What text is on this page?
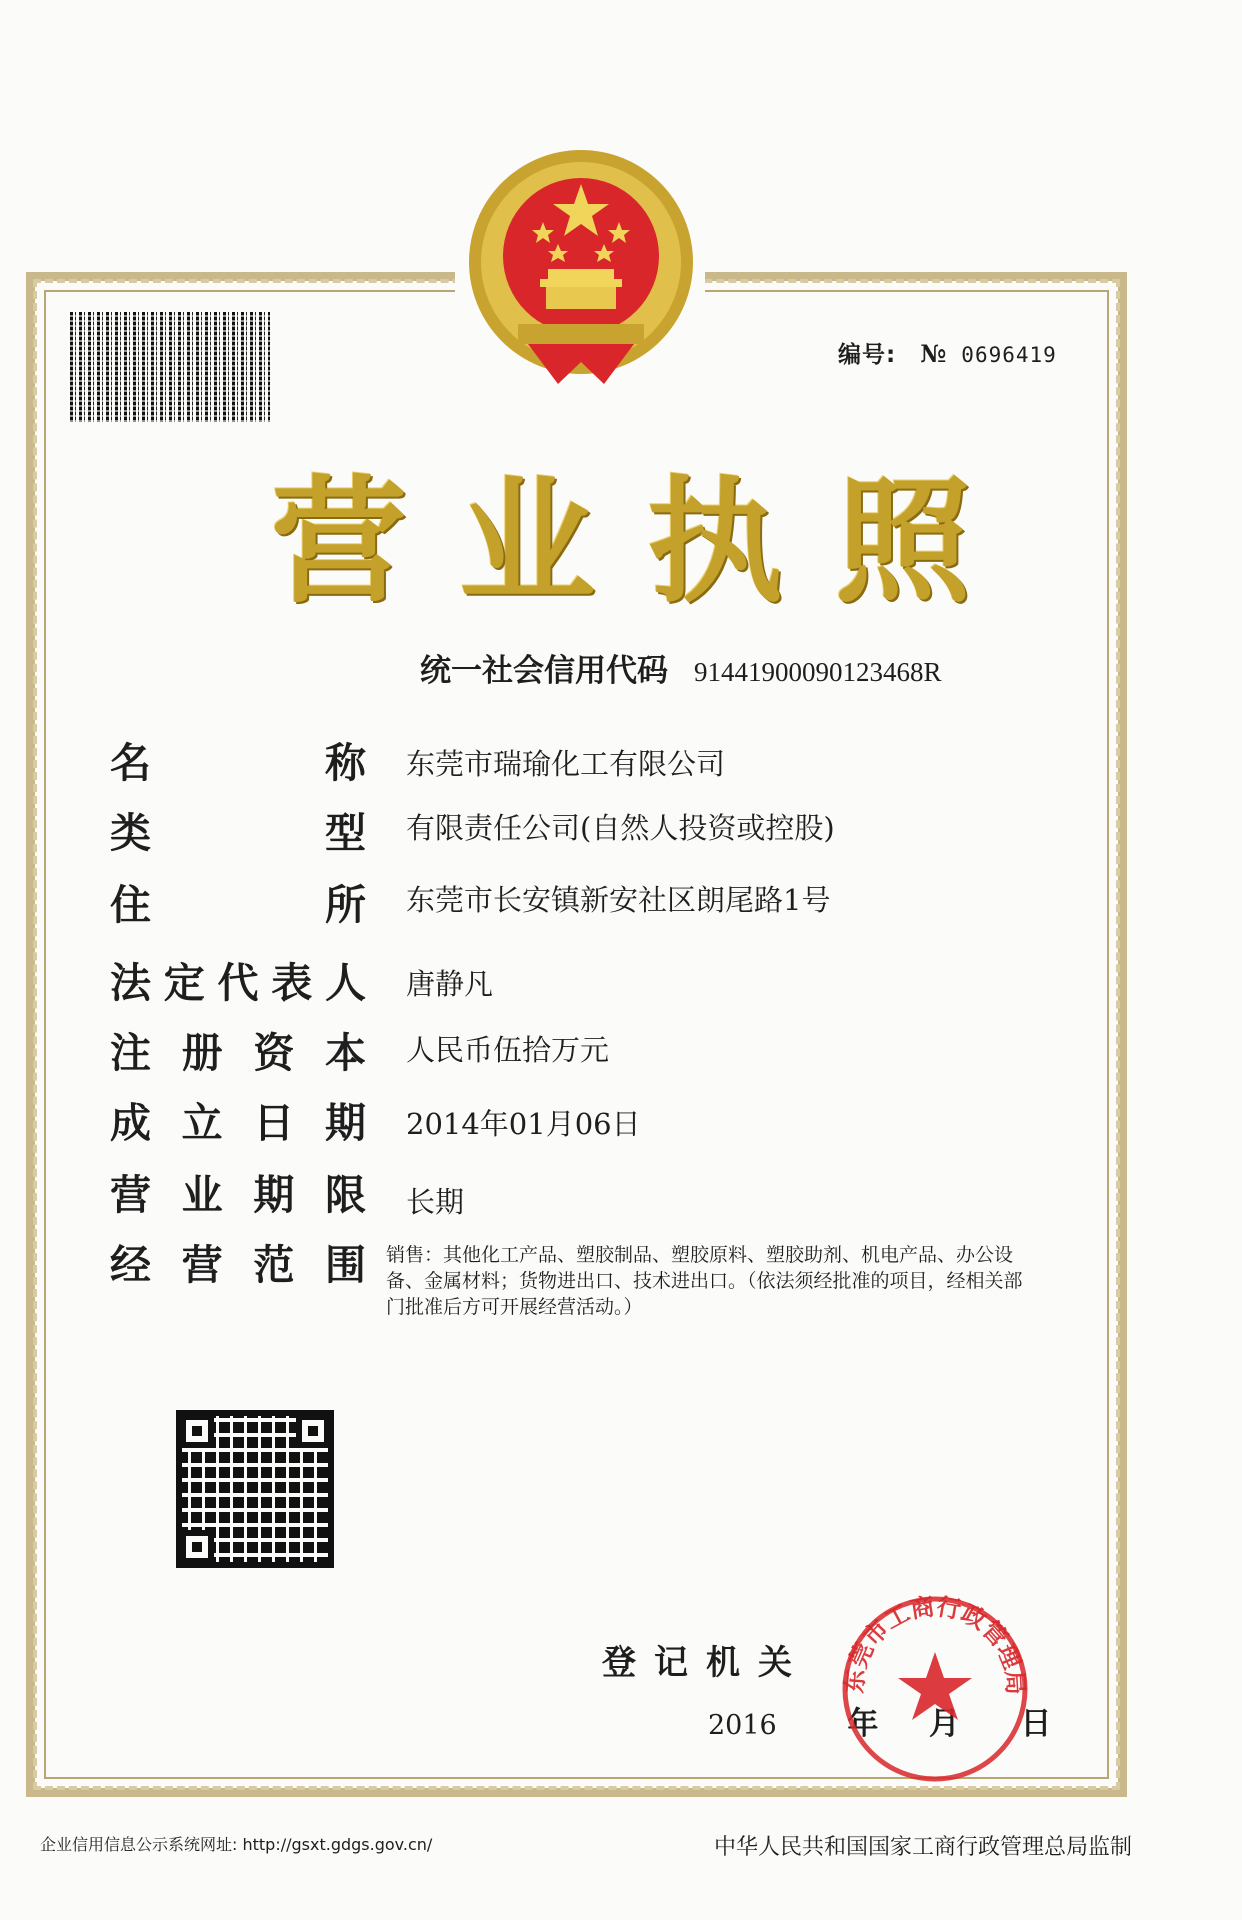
编号: № 0696419
营业执照
统一社会信用代码 91441900090123468R
名	称 东莞市瑞瑜化工有限公司
类	型 有限责任公司(自然人投资或控股)
住	所 东莞市长安镇新安社区朗尾路1号
法 定 代 表 人 唐静凡
注 册 资 本 人民币伍拾万元
成 立 日 期 2014年01月06日
营 业 期 限 长期
经 营 范 围 销售：其他化工产品、塑胶制品、塑胶原料、塑胶助剂、机电产品、办公设备、金属材料；货物进出口、技术进出口。（依法须经批准的项目，经相关部门批准后方可开展经营活动。）
登记机关
2016 年 月 日
东莞市工商行政管理局
企业信用信息公示系统网址: http://gsxt.gdgs.gov.cn/	中华人民共和国国家工商行政管理总局监制
